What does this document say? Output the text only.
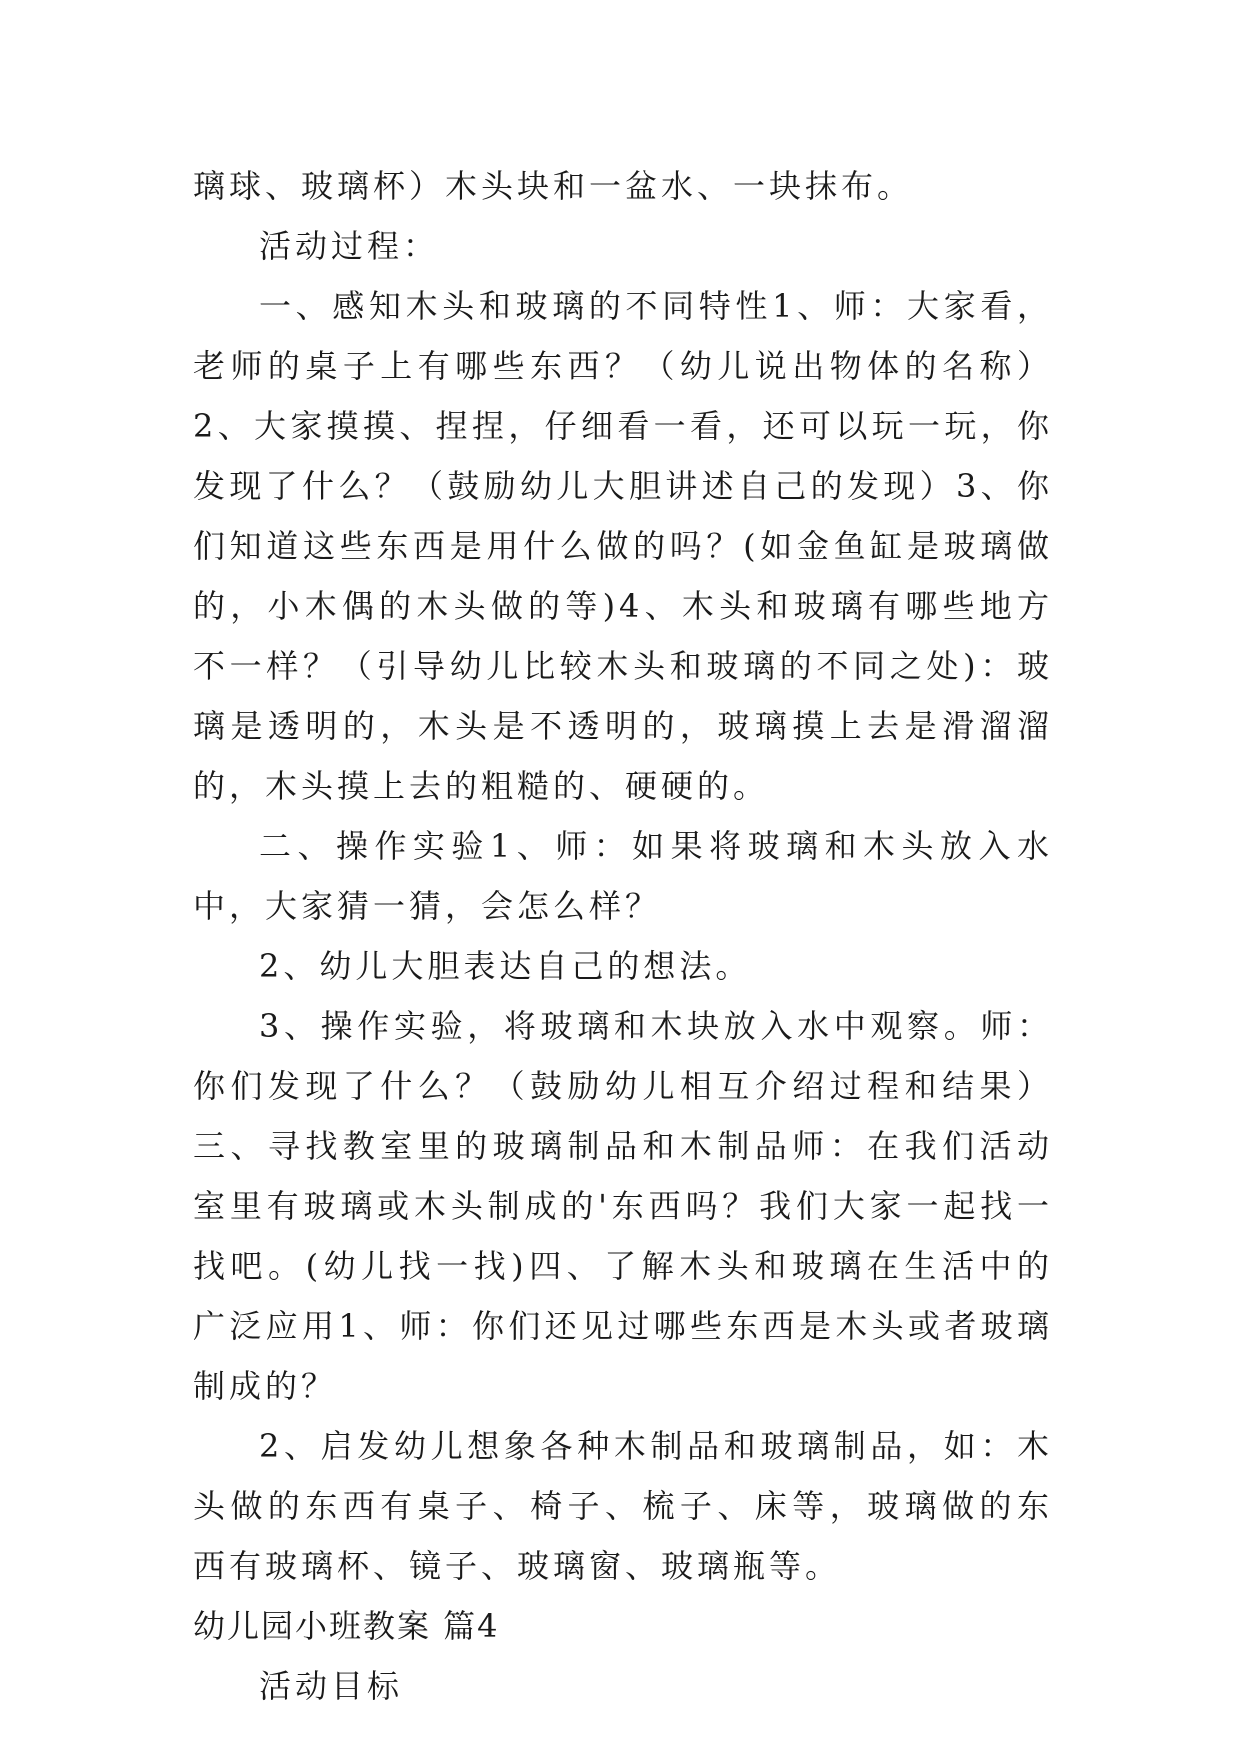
璃球、玻璃杯）木头块和一盆水、一块抹布。

活动过程：

一、感知木头和玻璃的不同特性1、师：大家看，老师的桌子上有哪些东西？（幼儿说出物体的名称）2、大家摸摸、捏捏，仔细看一看，还可以玩一玩，你发现了什么？（鼓励幼儿大胆讲述自己的发现）3、你们知道这些东西是用什么做的吗？(如金鱼缸是玻璃做的，小木偶的木头做的等)4、木头和玻璃有哪些地方不一样？（引导幼儿比较木头和玻璃的不同之处)：玻璃是透明的，木头是不透明的，玻璃摸上去是滑溜溜的，木头摸上去的粗糙的、硬硬的。

二、操作实验1、师：如果将玻璃和木头放入水中，大家猜一猜，会怎么样？

2、幼儿大胆表达自己的想法。

3、操作实验，将玻璃和木块放入水中观察。师：你们发现了什么？（鼓励幼儿相互介绍过程和结果）三、寻找教室里的玻璃制品和木制品师：在我们活动室里有玻璃或木头制成的'东西吗？我们大家一起找一找吧。(幼儿找一找)四、了解木头和玻璃在生活中的广泛应用1、师：你们还见过哪些东西是木头或者玻璃制成的？

2、启发幼儿想象各种木制品和玻璃制品，如：木头做的东西有桌子、椅子、梳子、床等，玻璃做的东西有玻璃杯、镜子、玻璃窗、玻璃瓶等。

幼儿园小班教案 篇4

活动目标
